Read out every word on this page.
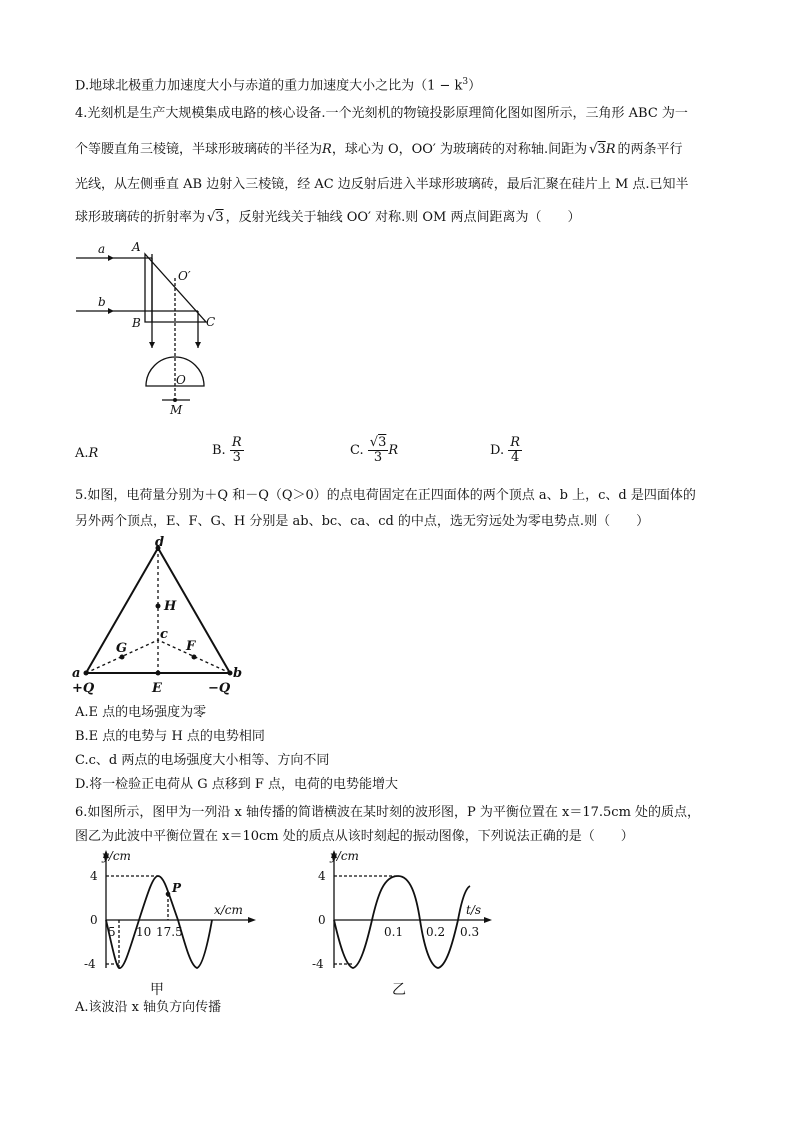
D.地球北极重力加速度大小与赤道的重力加速度大小之比为$(1 - k^3)$
4.光刻机是生产大规模集成电路的核心设备.一个光刻机的物镜投影原理简化图如图所示，三角形 ABC 为一
个等腰直角三棱镜，半球形玻璃砖的半径为R，球心为 O，OO′ 为玻璃砖的对称轴.间距为 √3R 的两条平行
光线，从左侧垂直 AB 边射入三棱镜，经 AC 边反射后进入半球形玻璃砖，最后汇聚在硅片上 M 点.已知半
球形玻璃砖的折射率为 √3 ，反射光线关于轴线 OO′ 对称.则 OM 两点间距离为（　　）
a
b
A
B	C
O′
O
M
A.R	B. $\frac{R}{3}$	C. $\frac{√3}{3}$ R	D. $\frac{R}{4}$
5.如图，电荷量分别为＋Q 和－Q（Q＞0）的点电荷固定在正四面体的两个顶点 a、b 上，c、d 是四面体的
另外两个顶点，E、F、G、H 分别是 ab、bc、ca、cd 的中点，选无穷远处为零电势点.则（　　）
d
H
c
G	F
a	b
+Q	−Q
E
A.E 点的电场强度为零
B.E 点的电势与 H 点的电势相同
C.c、d 两点的电场强度大小相等、方向不同
D.将一检验正电荷从 G 点移到 F 点，电荷的电势能增大
6.如图所示，图甲为一列沿 x 轴传播的简谐横波在某时刻的波形图，P 为平衡位置在 x＝17.5cm 处的质点，
图乙为此波中平衡位置在 x＝10cm 处的质点从该时刻起的振动图像，下列说法正确的是（　　）
y/cm
x/cm
4
0
-4
5 10 17.5
P
甲
y/cm
t/s
4
0
-4
0.1 0.2 0.3
乙
A.该波沿 x 轴负方向传播
